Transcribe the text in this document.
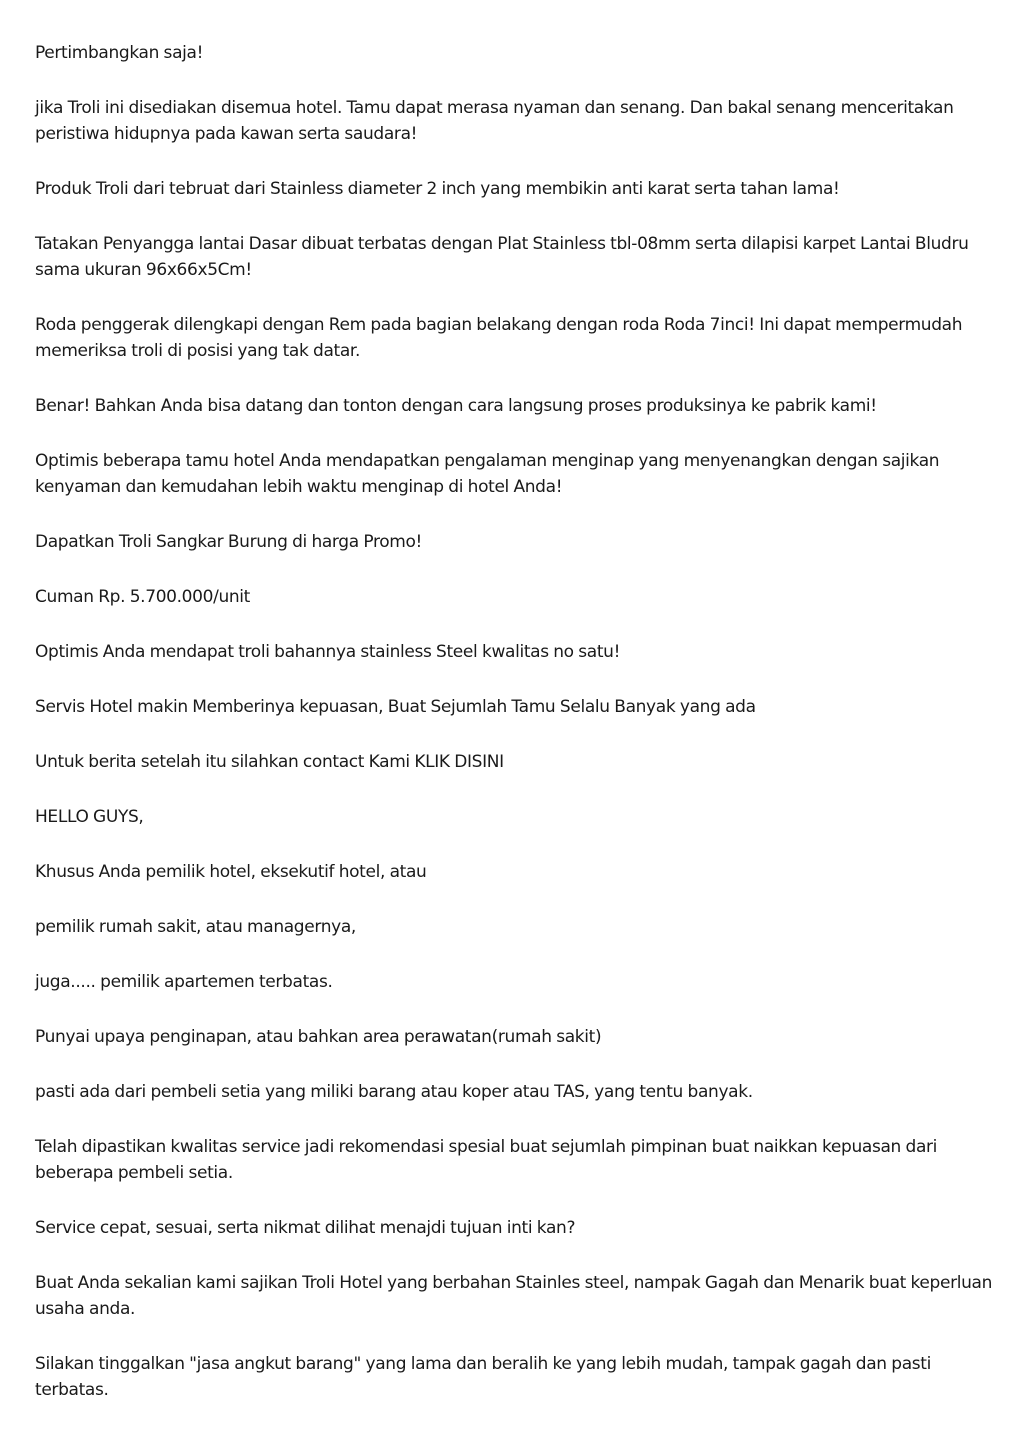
Pertimbangkan saja!

jika Troli ini disediakan disemua hotel. Tamu dapat merasa nyaman dan senang. Dan bakal senang menceritakan peristiwa hidupnya pada kawan serta saudara!

Produk Troli dari tebruat dari Stainless diameter 2 inch yang membikin anti karat serta tahan lama!

Tatakan Penyangga lantai Dasar dibuat terbatas dengan Plat Stainless tbl-08mm serta dilapisi karpet Lantai Bludru sama ukuran 96x66x5Cm!

Roda penggerak dilengkapi dengan Rem pada bagian belakang dengan roda Roda 7inci! Ini dapat mempermudah memeriksa troli di posisi yang tak datar.

Benar! Bahkan Anda bisa datang dan tonton dengan cara langsung proses produksinya ke pabrik kami!

Optimis beberapa tamu hotel Anda mendapatkan pengalaman menginap yang menyenangkan dengan sajikan kenyaman dan kemudahan lebih waktu menginap di hotel Anda!

Dapatkan Troli Sangkar Burung di harga Promo!

Cuman Rp. 5.700.000/unit

Optimis Anda mendapat troli bahannya stainless Steel kwalitas no satu!

Servis Hotel makin Memberinya kepuasan, Buat Sejumlah Tamu Selalu Banyak yang ada

Untuk berita setelah itu silahkan contact Kami KLIK DISINI

HELLO GUYS,

Khusus Anda pemilik hotel, eksekutif hotel, atau

pemilik rumah sakit, atau managernya,

juga..... pemilik apartemen terbatas.

Punyai upaya penginapan, atau bahkan area perawatan(rumah sakit)

pasti ada dari pembeli setia yang miliki barang atau koper atau TAS, yang tentu banyak.

Telah dipastikan kwalitas service jadi rekomendasi spesial buat sejumlah pimpinan buat naikkan kepuasan dari beberapa pembeli setia.

Service cepat, sesuai, serta nikmat dilihat menajdi tujuan inti kan?

Buat Anda sekalian kami sajikan Troli Hotel yang berbahan Stainles steel, nampak Gagah dan Menarik buat keperluan usaha anda.

Silakan tinggalkan "jasa angkut barang" yang lama dan beralih ke yang lebih mudah, tampak gagah dan pasti terbatas.
